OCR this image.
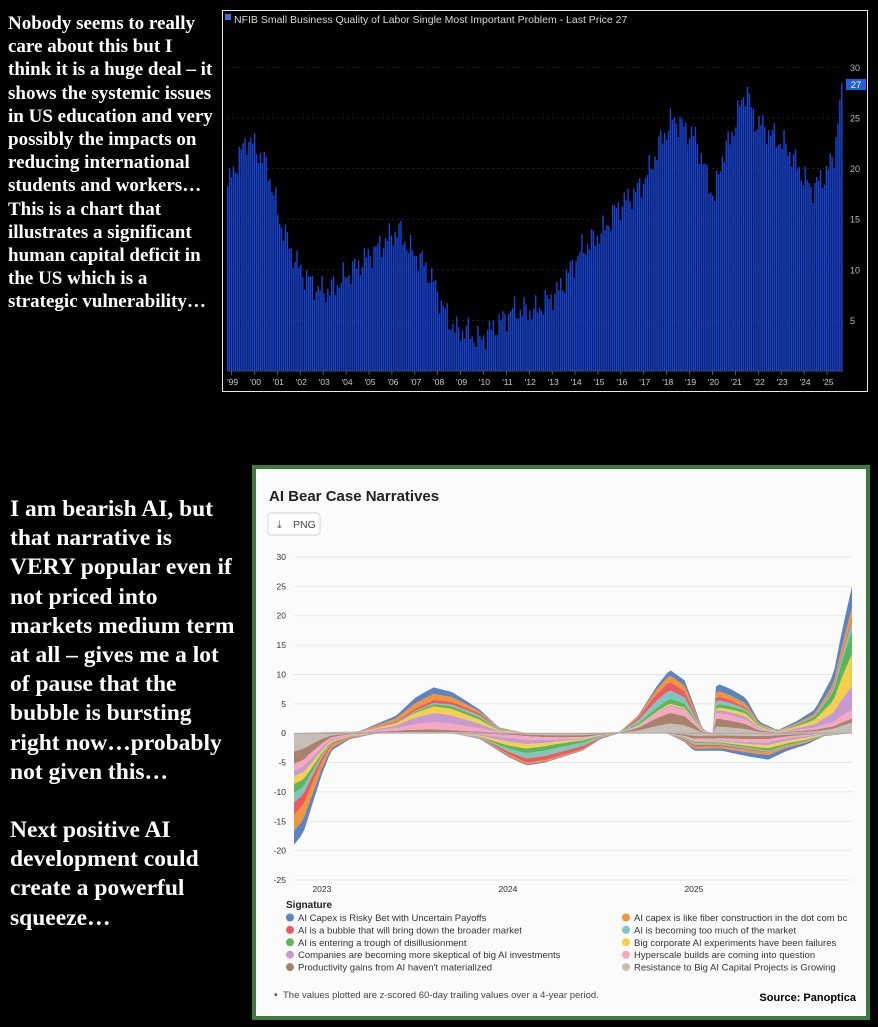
Nobody seems to really care about this but I think it is a huge deal – it shows the systemic issues in US education and very possibly the impacts on reducing international students and workers…This is a chart that illustrates a significant human capital deficit in the US which is a strategic vulnerability…
I am bearish AI, but that narrative is VERY popular even if not priced into markets medium term at all – gives me a lot of pause that the bubble is bursting right now…probably not given this…
Next positive AI development could create a powerful squeeze…
NFIB Small Business Quality of Labor Single Most Important Problem - Last Price 27
'99 '00 '01 '02 '03 '04 '05 '06 '07 '08 '09 '10 '11 '12 '13 '14 '15 '16 '17 '18 '19 '20 '21 '22 '23 '24 '25
5
10
15
20
25
30
27
AI Bear Case Narratives
⤓ PNG
30
25
20
15
10
5
0
-5
-10
-15
-20
-25
2023	2024	2025
Signature
AI Capex is Risky Bet with Uncertain Payoffs	AI capex is like fiber construction in the dot com bc
AI is a bubble that will bring down the broader market	AI is becoming too much of the market
AI is entering a trough of disillusionment	Big corporate AI experiments have been failures
Companies are becoming more skeptical of big AI investments	Hyperscale builds are coming into question
Productivity gains from AI haven't materialized	Resistance to Big AI Capital Projects is Growing
• The values plotted are z-scored 60-day trailing values over a 4-year period.	Source: Panoptica
